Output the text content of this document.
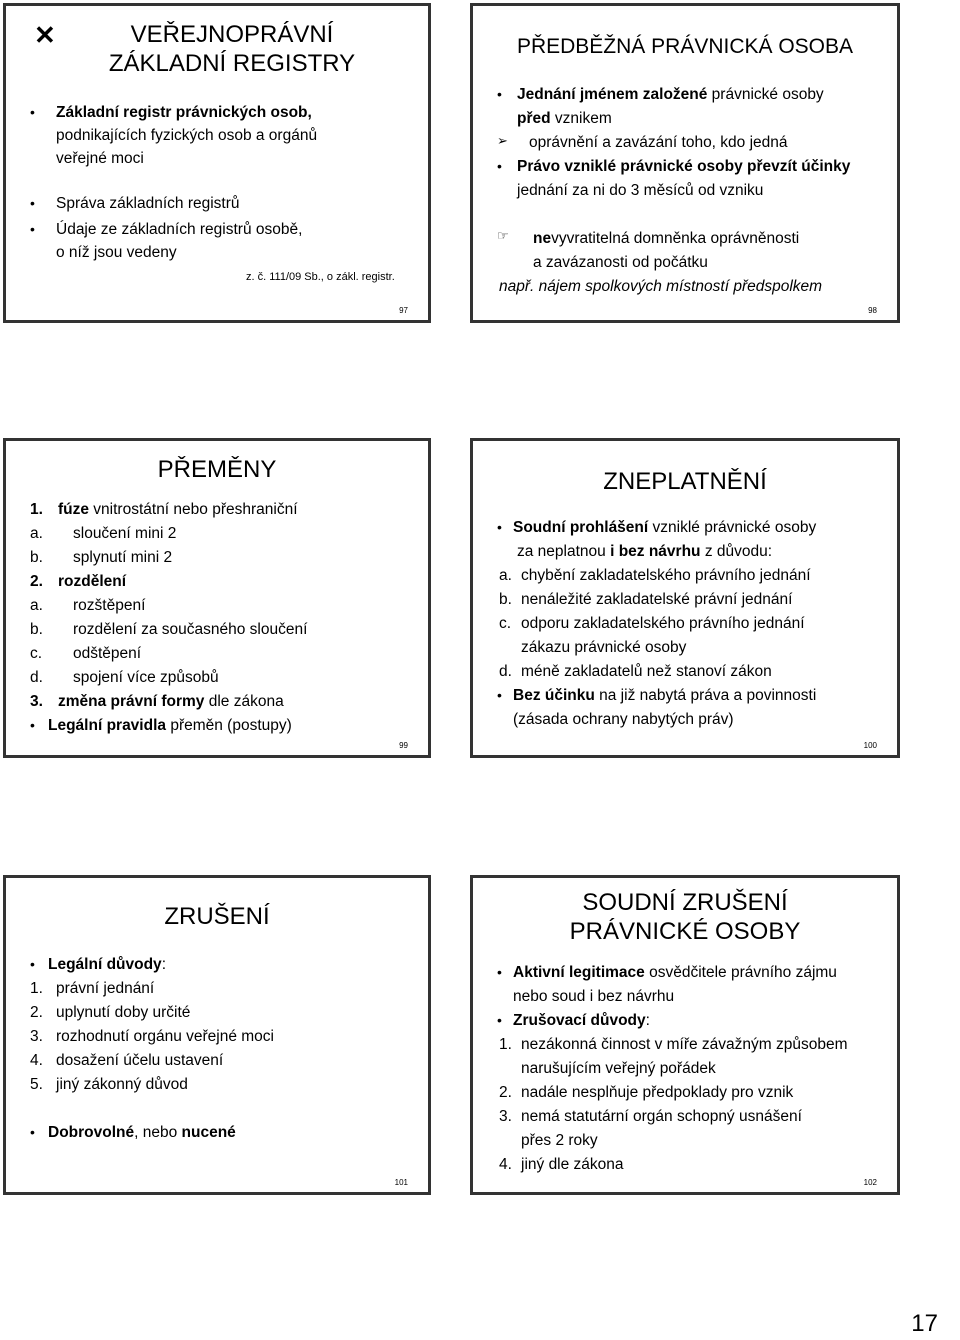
✕	VEŘEJNOPRÁVNÍ
ZÁKLADNÍ REGISTRY
• Základní registr právnických osob,
podnikajících fyzických osob a orgánů
veřejné moci
• Správa základních registrů
• Údaje ze základních registrů osobě,
o níž jsou vedeny
z. č. 111/09 Sb., o zákl. registr.
97
PŘEDBĚŽNÁ PRÁVNICKÁ OSOBA
• Jednání jménem založené právnické osoby
před vznikem
➢ oprávnění a zavázání toho, kdo jedná
• Právo vzniklé právnické osoby převzít účinky
jednání za ni do 3 měsíců od vzniku
☞ nevyvratitelná domněnka oprávněnosti
a zavázanosti od počátku
např. nájem spolkových místností předspolkem
98
PŘEMĚNY
1. fúze vnitrostátní nebo přeshraniční
a. sloučení mini 2
b. splynutí mini 2
2. rozdělení
a. rozštěpení
b. rozdělení za současného sloučení
c. odštěpení
d. spojení více způsobů
3. změna právní formy dle zákona
• Legální pravidla přeměn (postupy)
99
ZNEPLATNĚNÍ
• Soudní prohlášení vzniklé právnické osoby
za neplatnou i bez návrhu z důvodu:
a. chybění zakladatelského právního jednání
b. nenáležité zakladatelské právní jednání
c. odporu zakladatelského právního jednání
zákazu právnické osoby
d. méně zakladatelů než stanoví zákon
• Bez účinku na již nabytá práva a povinnosti
(zásada ochrany nabytých práv)
100
ZRUŠENÍ
• Legální důvody:
1. právní jednání
2. uplynutí doby určité
3. rozhodnutí orgánu veřejné moci
4. dosažení účelu ustavení
5. jiný zákonný důvod
• Dobrovolné, nebo nucené
101
SOUDNÍ ZRUŠENÍ
PRÁVNICKÉ OSOBY
• Aktivní legitimace osvědčitele právního zájmu
nebo soud i bez návrhu
• Zrušovací důvody:
1. nezákonná činnost v míře závažným způsobem
narušujícím veřejný pořádek
2. nadále nesplňuje předpoklady pro vznik
3. nemá statutární orgán schopný usnášení
přes 2 roky
4. jiný dle zákona
102
17
